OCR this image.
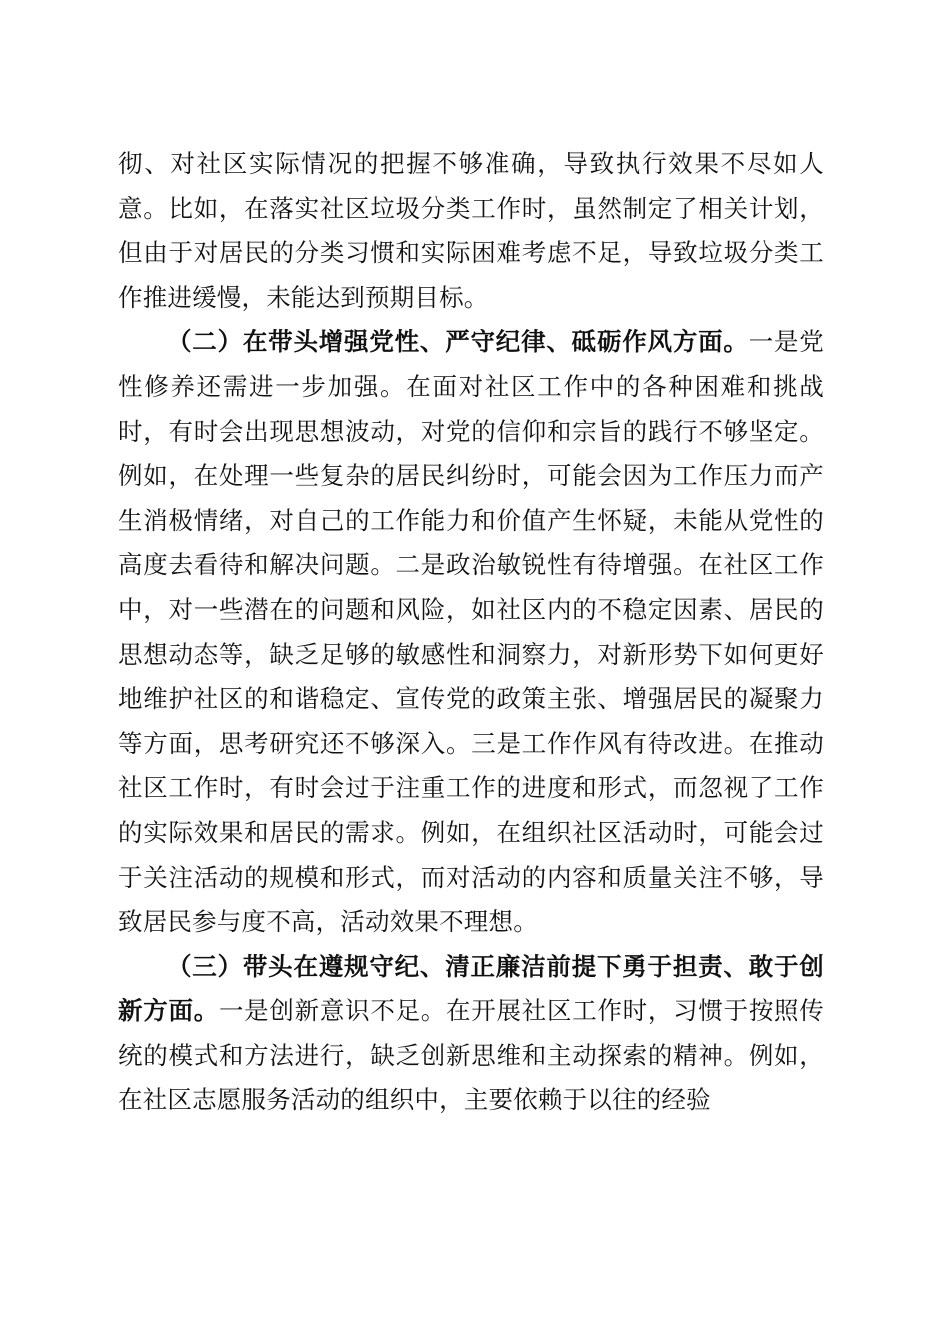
彻、对社区实际情况的把握不够准确，导致执行效果不尽如人意。比如，在落实社区垃圾分类工作时，虽然制定了相关计划，但由于对居民的分类习惯和实际困难考虑不足，导致垃圾分类工作推进缓慢，未能达到预期目标。

（二）在带头增强党性、严守纪律、砥砺作风方面。一是党性修养还需进一步加强。在面对社区工作中的各种困难和挑战时，有时会出现思想波动，对党的信仰和宗旨的践行不够坚定。例如，在处理一些复杂的居民纠纷时，可能会因为工作压力而产生消极情绪，对自己的工作能力和价值产生怀疑，未能从党性的高度去看待和解决问题。二是政治敏锐性有待增强。在社区工作中，对一些潜在的问题和风险，如社区内的不稳定因素、居民的思想动态等，缺乏足够的敏感性和洞察力，对新形势下如何更好地维护社区的和谐稳定、宣传党的政策主张、增强居民的凝聚力等方面，思考研究还不够深入。三是工作作风有待改进。在推动社区工作时，有时会过于注重工作的进度和形式，而忽视了工作的实际效果和居民的需求。例如，在组织社区活动时，可能会过于关注活动的规模和形式，而对活动的内容和质量关注不够，导致居民参与度不高，活动效果不理想。

（三）带头在遵规守纪、清正廉洁前提下勇于担责、敢于创新方面。一是创新意识不足。在开展社区工作时，习惯于按照传统的模式和方法进行，缺乏创新思维和主动探索的精神。例如，在社区志愿服务活动的组织中，主要依赖于以往的经验
